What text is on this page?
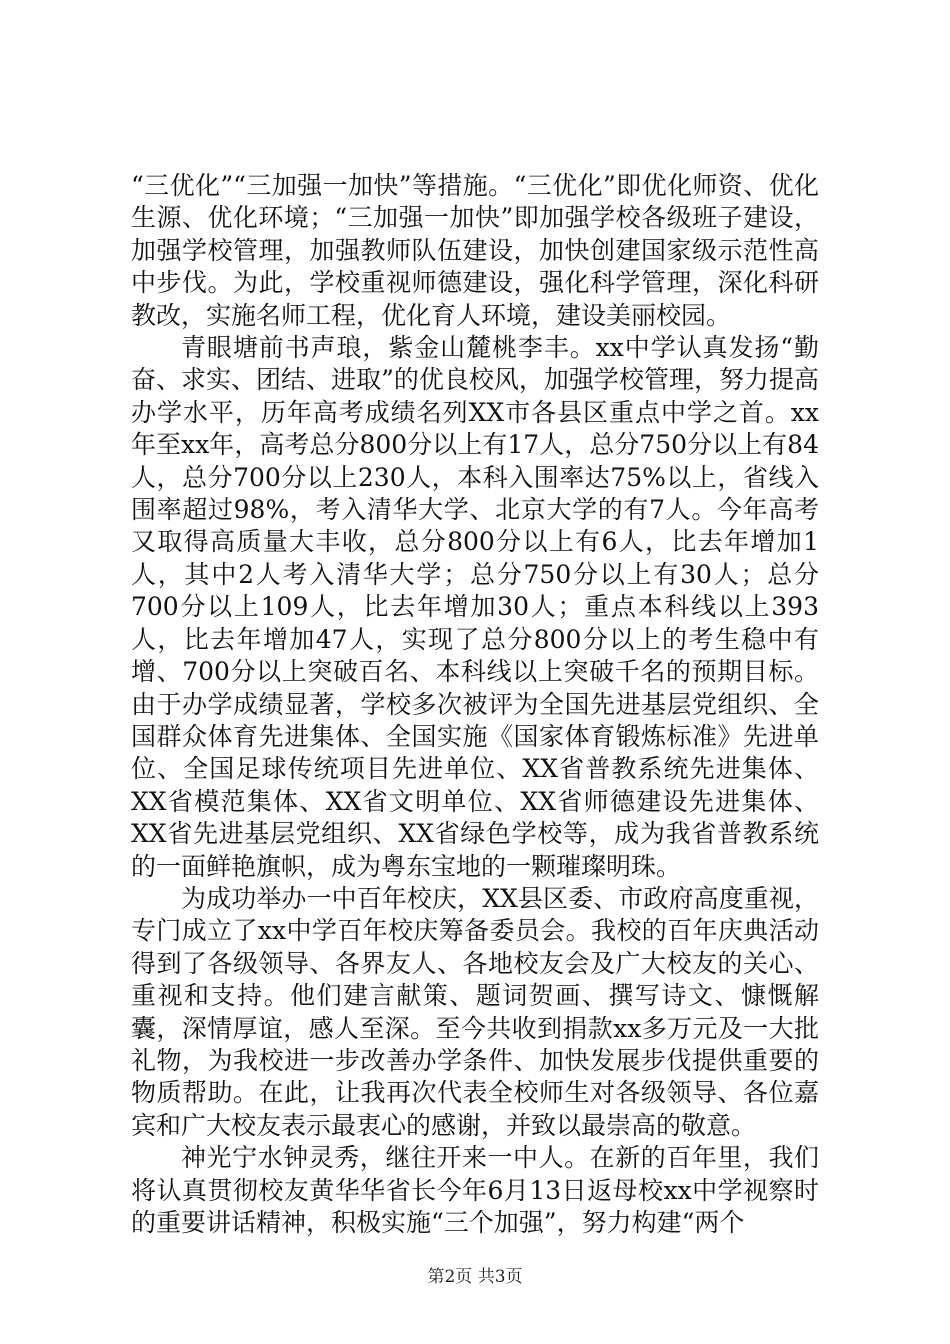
“三优化”“三加强一加快”等措施。“三优化”即优化师资、优化生源、优化环境；“三加强一加快”即加强学校各级班子建设，加强学校管理，加强教师队伍建设，加快创建国家级示范性高中步伐。为此，学校重视师德建设，强化科学管理，深化科研教改，实施名师工程，优化育人环境，建设美丽校园。

青眼塘前书声琅，紫金山麓桃李丰。xx中学认真发扬“勤奋、求实、团结、进取”的优良校风，加强学校管理，努力提高办学水平，历年高考成绩名列XX市各县区重点中学之首。xx年至xx年，高考总分800分以上有17人，总分750分以上有84人，总分700分以上230人，本科入围率达75%以上，省线入围率超过98%，考入清华大学、北京大学的有7人。今年高考又取得高质量大丰收，总分800分以上有6人，比去年增加1人，其中2人考入清华大学；总分750分以上有30人；总分700分以上109人，比去年增加30人；重点本科线以上393人，比去年增加47人，实现了总分800分以上的考生稳中有增、700分以上突破百名、本科线以上突破千名的预期目标。由于办学成绩显著，学校多次被评为全国先进基层党组织、全国群众体育先进集体、全国实施《国家体育锻炼标准》先进单位、全国足球传统项目先进单位、XX省普教系统先进集体、XX省模范集体、XX省文明单位、XX省师德建设先进集体、XX省先进基层党组织、XX省绿色学校等，成为我省普教系统的一面鲜艳旗帜，成为粤东宝地的一颗璀璨明珠。

为成功举办一中百年校庆，XX县区委、市政府高度重视，专门成立了xx中学百年校庆筹备委员会。我校的百年庆典活动得到了各级领导、各界友人、各地校友会及广大校友的关心、重视和支持。他们建言献策、题词贺画、撰写诗文、慷慨解囊，深情厚谊，感人至深。至今共收到捐款xx多万元及一大批礼物，为我校进一步改善办学条件、加快发展步伐提供重要的物质帮助。在此，让我再次代表全校师生对各级领导、各位嘉宾和广大校友表示最衷心的感谢，并致以最崇高的敬意。

神光宁水钟灵秀，继往开来一中人。在新的百年里，我们将认真贯彻校友黄华华省长今年6月13日返母校xx中学视察时的重要讲话精神，积极实施“三个加强”，努力构建“两个

第2页 共3页
